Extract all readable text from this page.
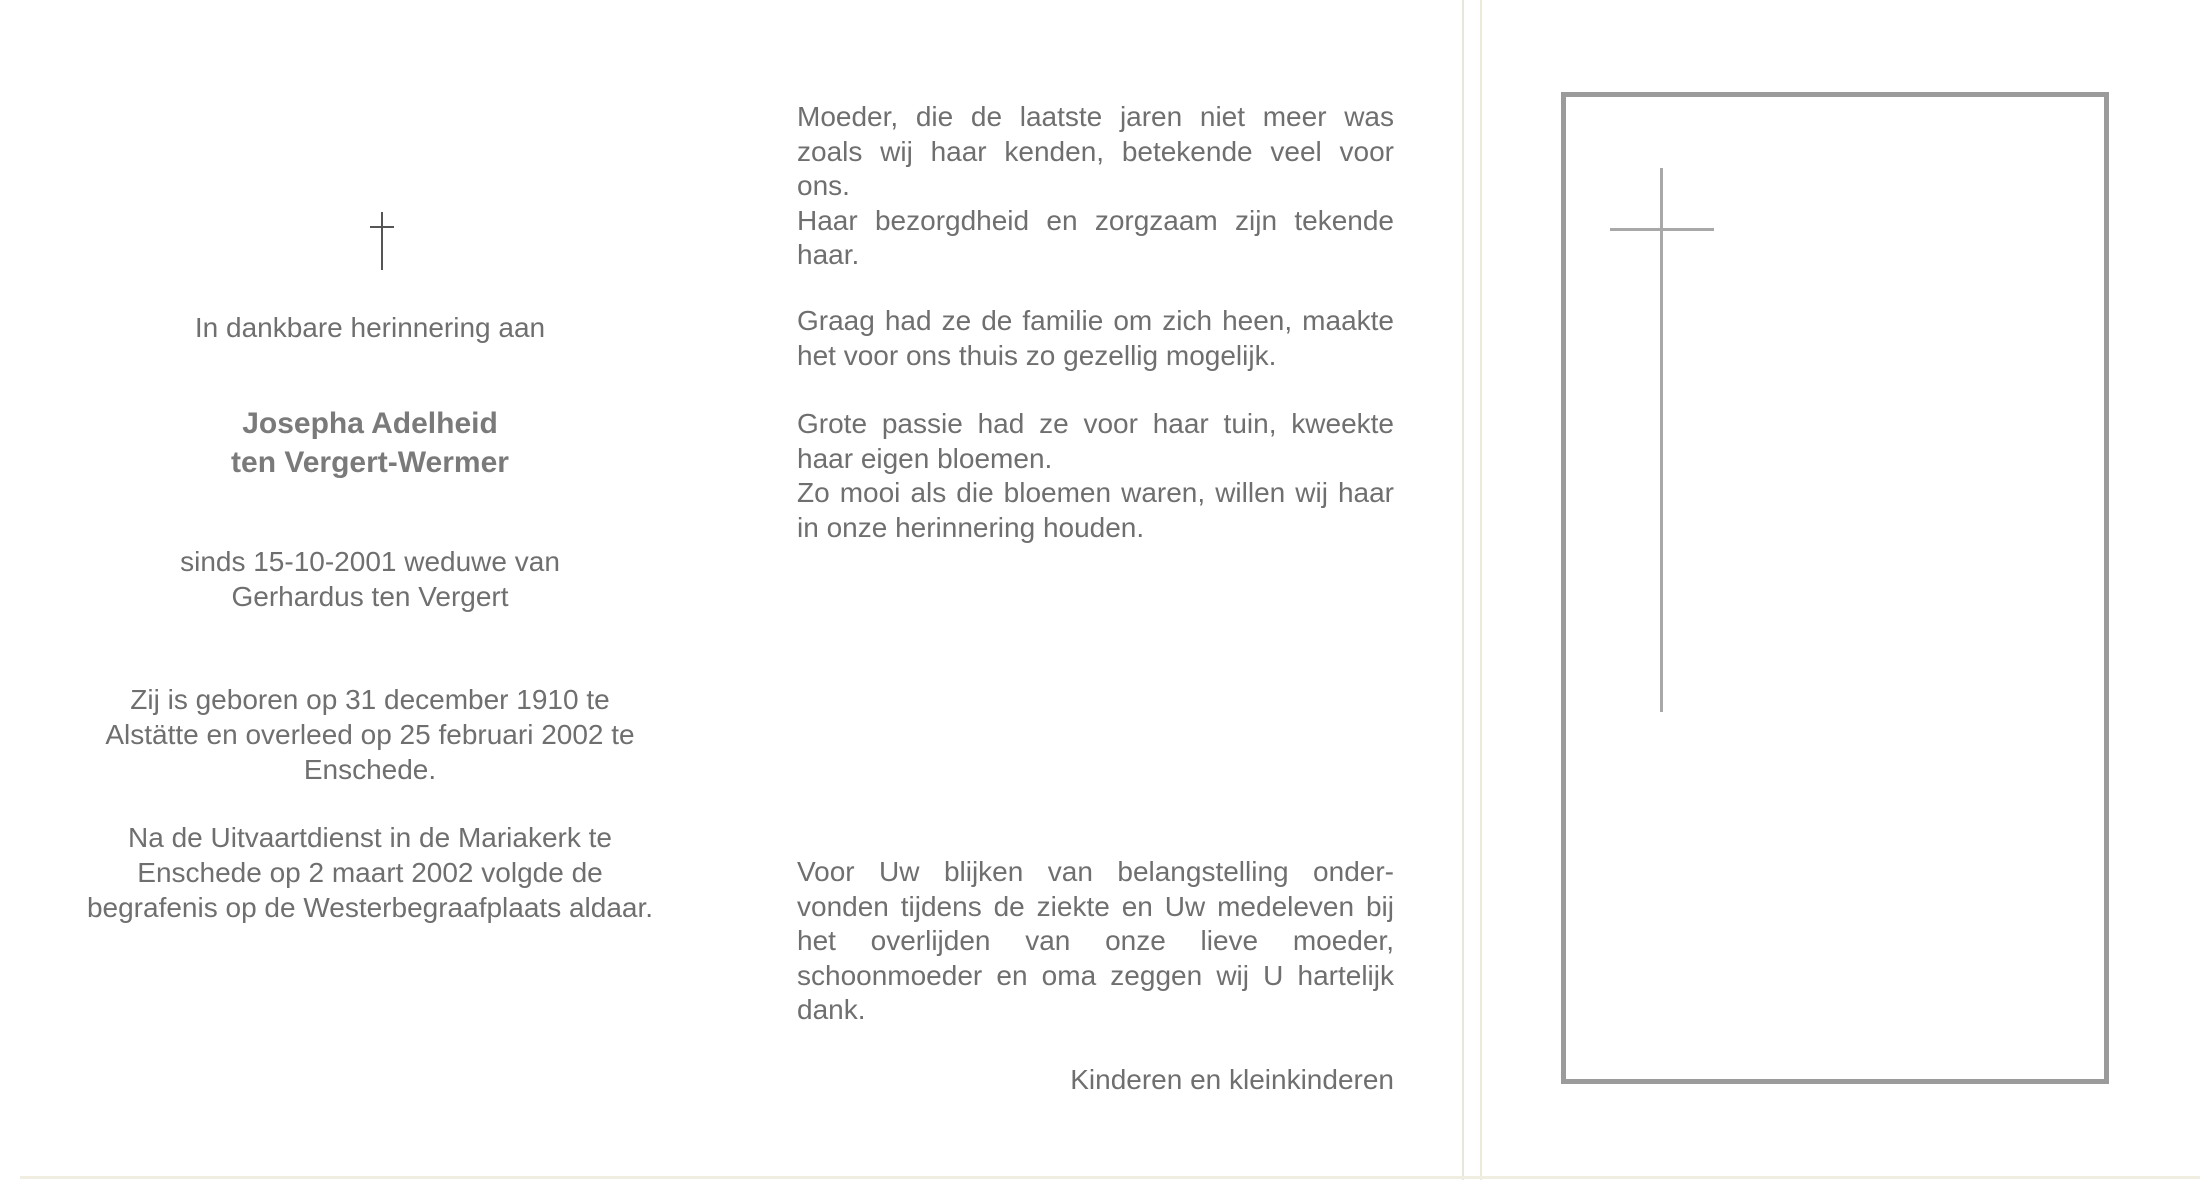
In dankbare herinnering aan
Josepha Adelheid
ten Vergert-Wermer
sinds 15-10-2001 weduwe van
Gerhardus ten Vergert
Zij is geboren op 31 december 1910 te
Alstätte en overleed op 25 februari 2002 te
Enschede.
Na de Uitvaartdienst in de Mariakerk te
Enschede op 2 maart 2002 volgde de
begrafenis op de Westerbegraafplaats aldaar.
Moeder, die de laatste jaren niet meer was
zoals wij haar kenden, betekende veel voor
ons.
Haar bezorgdheid en zorgzaam zijn tekende
haar.
Graag had ze de familie om zich heen, maakte
het voor ons thuis zo gezellig mogelijk.
Grote passie had ze voor haar tuin, kweekte
haar eigen bloemen.
Zo mooi als die bloemen waren, willen wij haar
in onze herinnering houden.
Voor Uw blijken van belangstelling onder-
vonden tijdens de ziekte en Uw medeleven bij
het overlijden van onze lieve moeder,
schoonmoeder en oma zeggen wij U hartelijk
dank.
Kinderen en kleinkinderen
